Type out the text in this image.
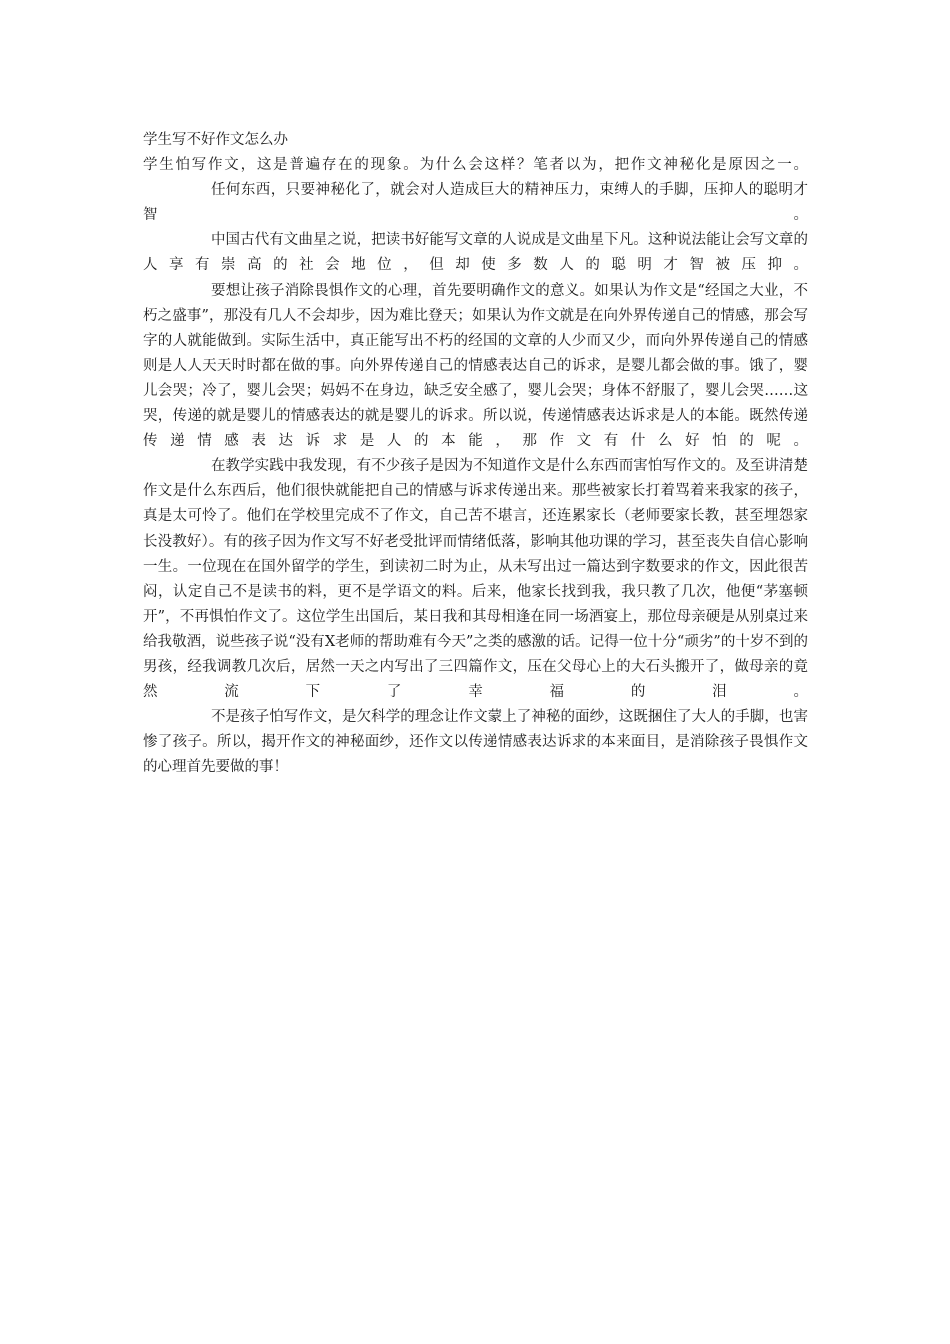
学生写不好作文怎么办

学生怕写作文，这是普遍存在的现象。为什么会这样？笔者以为，把作文神秘化是原因之一。

任何东西，只要神秘化了，就会对人造成巨大的精神压力，束缚人的手脚，压抑人的聪明才智。

中国古代有文曲星之说，把读书好能写文章的人说成是文曲星下凡。这种说法能让会写文章的人享有崇高的社会地位，但却使多数人的聪明才智被压抑。

要想让孩子消除畏惧作文的心理，首先要明确作文的意义。如果认为作文是“经国之大业，不朽之盛事”，那没有几人不会却步，因为难比登天；如果认为作文就是在向外界传递自己的情感，那会写字的人就能做到。实际生活中，真正能写出不朽的经国的文章的人少而又少，而向外界传递自己的情感则是人人天天时时都在做的事。向外界传递自己的情感表达自己的诉求，是婴儿都会做的事。饿了，婴儿会哭；冷了，婴儿会哭；妈妈不在身边，缺乏安全感了，婴儿会哭；身体不舒服了，婴儿会哭……这哭，传递的就是婴儿的情感表达的就是婴儿的诉求。所以说，传递情感表达诉求是人的本能。既然传递传递情感表达诉求是人的本能，那作文有什么好怕的呢。

在教学实践中我发现，有不少孩子是因为不知道作文是什么东西而害怕写作文的。及至讲清楚作文是什么东西后，他们很快就能把自己的情感与诉求传递出来。那些被家长打着骂着来我家的孩子，真是太可怜了。他们在学校里完成不了作文，自己苦不堪言，还连累家长（老师要家长教，甚至埋怨家长没教好）。有的孩子因为作文写不好老受批评而情绪低落，影响其他功课的学习，甚至丧失自信心影响一生。一位现在在国外留学的学生，到读初二时为止，从未写出过一篇达到字数要求的作文，因此很苦闷，认定自己不是读书的料，更不是学语文的料。后来，他家长找到我，我只教了几次，他便“茅塞顿开”，不再惧怕作文了。这位学生出国后，某日我和其母相逢在同一场酒宴上，那位母亲硬是从别桌过来给我敬酒，说些孩子说“没有X老师的帮助难有今天”之类的感激的话。记得一位十分“顽劣”的十岁不到的男孩，经我调教几次后，居然一天之内写出了三四篇作文，压在父母心上的大石头搬开了，做母亲的竟然流下了幸福的泪。

不是孩子怕写作文，是欠科学的理念让作文蒙上了神秘的面纱，这既捆住了大人的手脚，也害惨了孩子。所以，揭开作文的神秘面纱，还作文以传递情感表达诉求的本来面目，是消除孩子畏惧作文的心理首先要做的事！
